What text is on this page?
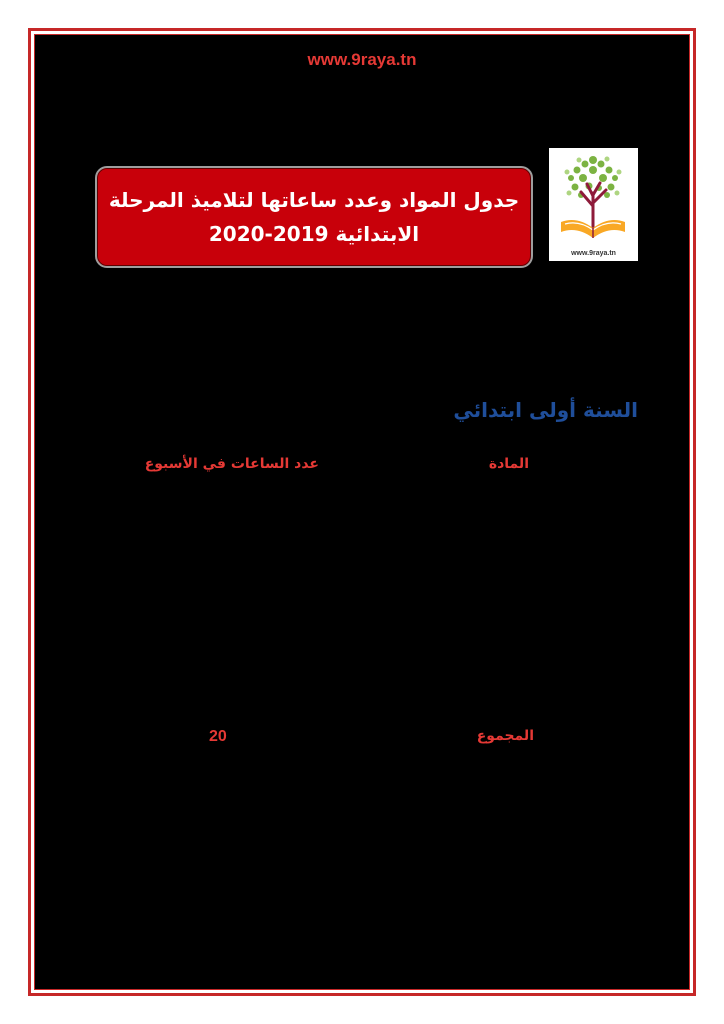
www.9raya.tn
جدول المواد وعدد ساعاتها لتلاميذ المرحلة
الابتدائية 2019-2020
www.9raya.tn
السنة أولى ابتدائي
المادة
عدد الساعات في الأسبوع
المجموع
20
